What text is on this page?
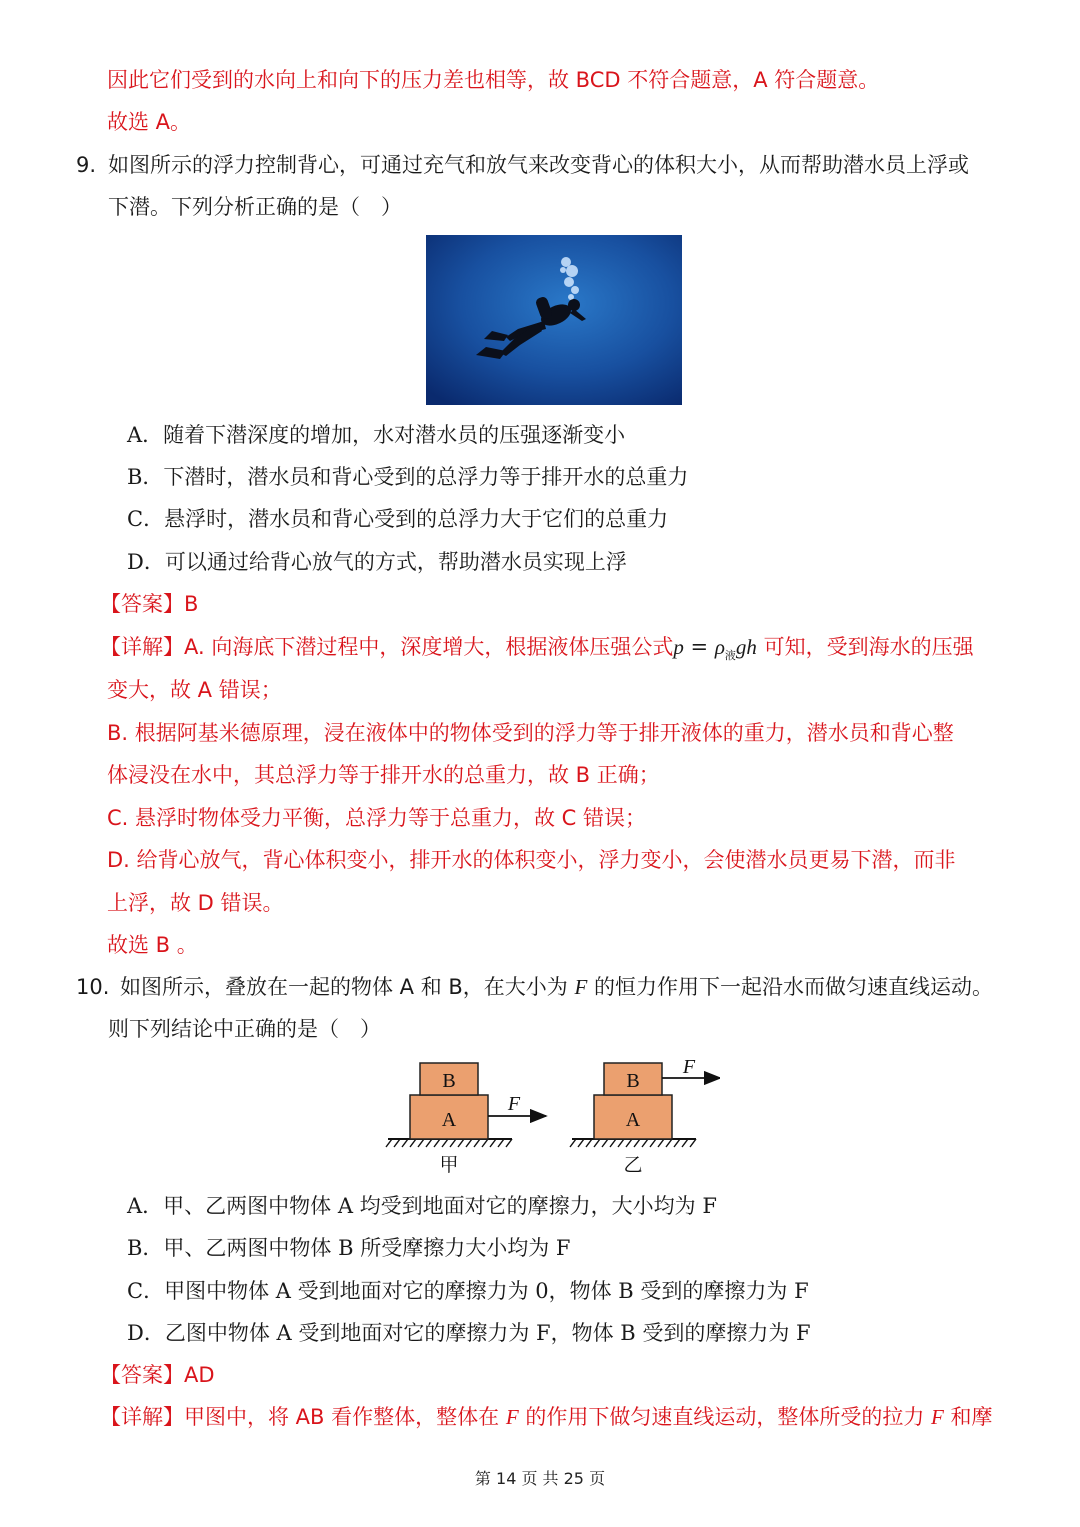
因此它们受到的水向上和向下的压力差也相等，故 BCD 不符合题意，A 符合题意。
故选 A。
9. 如图所示的浮力控制背心，可通过充气和放气来改变背心的体积大小，从而帮助潜水员上浮或
下潜。下列分析正确的是（　）
A．随着下潜深度的增加，水对潜水员的压强逐渐变小
B．下潜时，潜水员和背心受到的总浮力等于排开水的总重力
C．悬浮时，潜水员和背心受到的总浮力大于它们的总重力
D．可以通过给背心放气的方式，帮助潜水员实现上浮
【答案】B
【详解】A. 向海底下潜过程中，深度增大，根据液体压强公式$p = \rho_液gh$ 可知，受到海水的压强
变大，故 A 错误；
B. 根据阿基米德原理，浸在液体中的物体受到的浮力等于排开液体的重力，潜水员和背心整
体浸没在水中，其总浮力等于排开水的总重力，故 B 正确；
C. 悬浮时物体受力平衡，总浮力等于总重力，故 C 错误；
D. 给背心放气，背心体积变小，排开水的体积变小，浮力变小，会使潜水员更易下潜，而非
上浮，故 D 错误。
故选 B 。
10. 如图所示，叠放在一起的物体 A 和 B，在大小为 F 的恒力作用下一起沿水而做匀速直线运动。
则下列结论中正确的是（　）
A
B
F
甲
A
B
F
乙
A．甲、乙两图中物体 A 均受到地面对它的摩擦力，大小均为 F
B．甲、乙两图中物体 B 所受摩擦力大小均为 F
C．甲图中物体 A 受到地面对它的摩擦力为 0，物体 B 受到的摩擦力为 F
D．乙图中物体 A 受到地面对它的摩擦力为 F，物体 B 受到的摩擦力为 F
【答案】AD
【详解】甲图中，将 AB 看作整体，整体在 F 的作用下做匀速直线运动，整体所受的拉力 F 和摩
第 14 页 共 25 页
